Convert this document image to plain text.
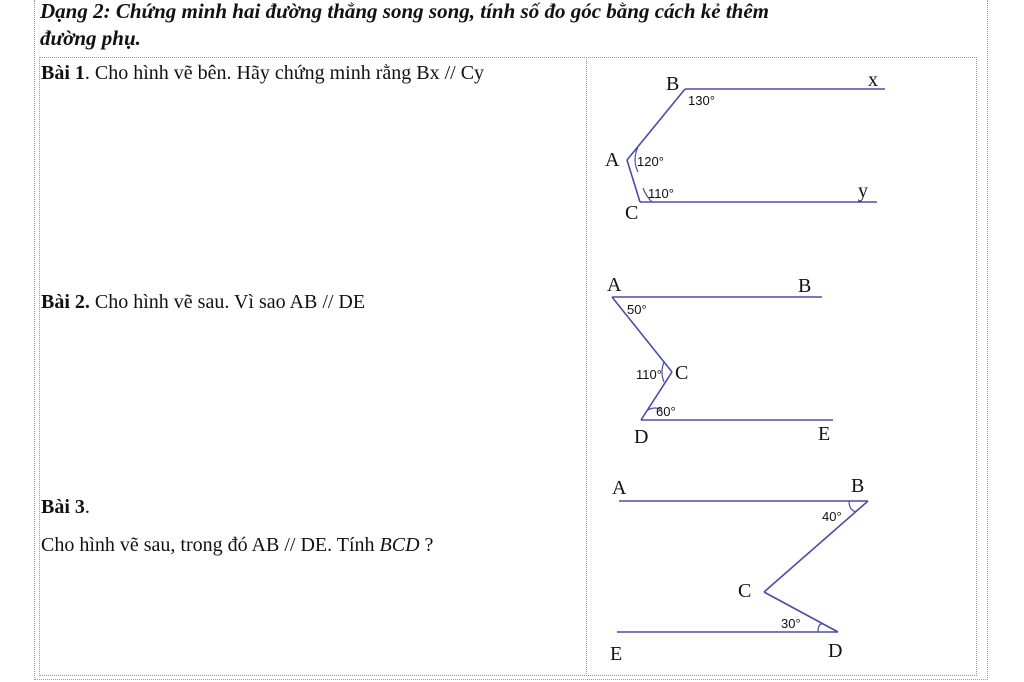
Dạng 2: Chứng minh hai đường thẳng song song, tính số đo góc bằng cách kẻ thêm
đường phụ.
Bài 1. Cho hình vẽ bên. Hãy chứng minh rằng Bx // Cy
Bài 2. Cho hình vẽ sau. Vì sao AB // DE
Bài 3.
Cho hình vẽ sau, trong đó AB // DE. Tính BCD ?
B	x
A
C
y
130°
120°
110°
A	B
C
D	E
50°
110°
60°
A	B
C
E	D
40°
30°
